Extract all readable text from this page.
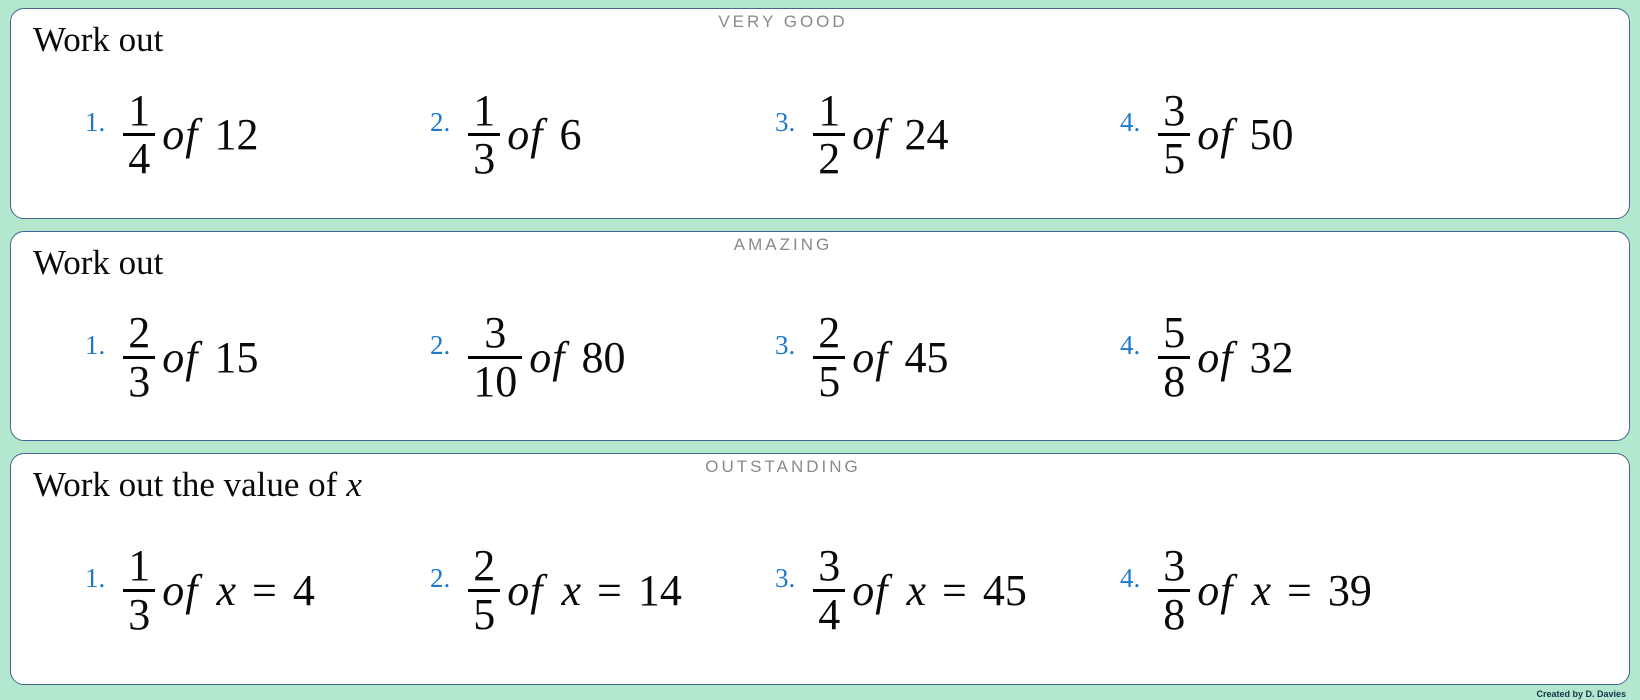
VERY GOOD
Work out
1. $\frac{1}{4}$ of 12	2. $\frac{1}{3}$ of 6	3. $\frac{1}{2}$ of 24	4. $\frac{3}{5}$ of 50
AMAZING
Work out
1. $\frac{2}{3}$ of 15	2. $\frac{3}{10}$ of 80	3. $\frac{2}{5}$ of 45	4. $\frac{5}{8}$ of 32
OUTSTANDING
Work out the value of x
1. $\frac{1}{3}$ of x = 4	2. $\frac{2}{5}$ of x = 14	3. $\frac{3}{4}$ of x = 45	4. $\frac{3}{8}$ of x = 39
Created by D. Davies
